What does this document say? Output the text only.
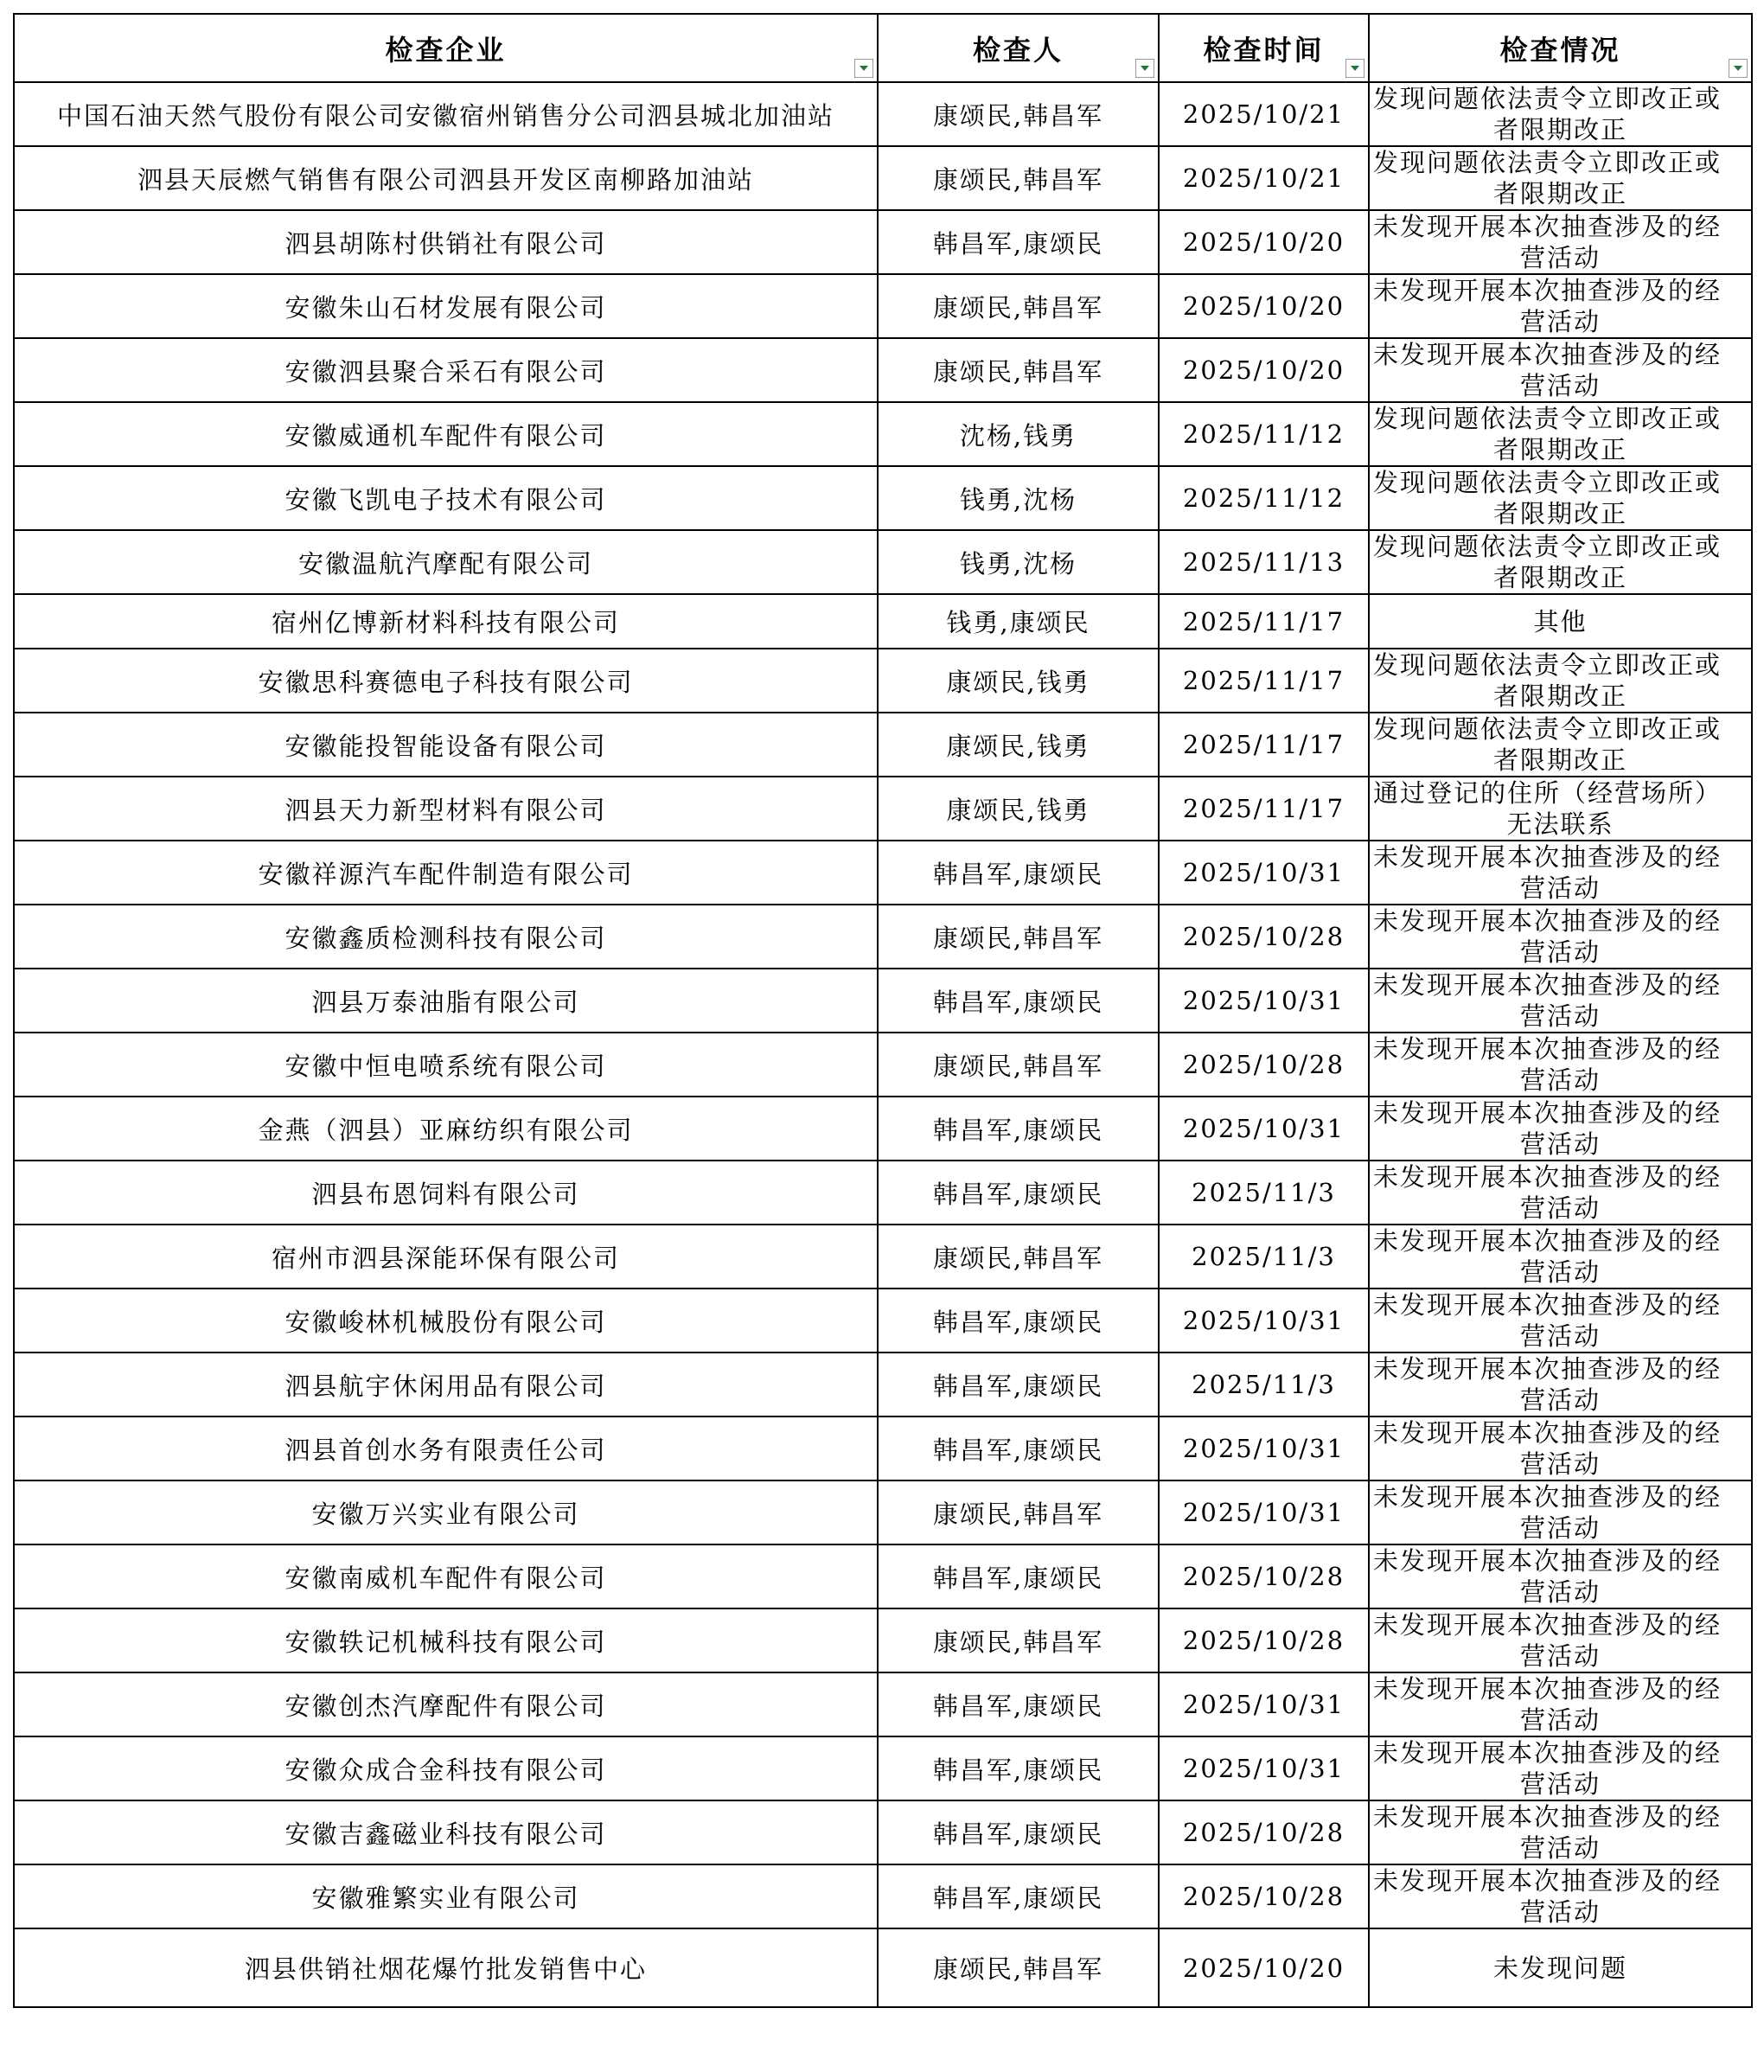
检查企业	检查人	检查时间	检查情况

中国石油天然气股份有限公司安徽宿州销售分公司泗县城北加油站	康颂民,韩昌军	2025/10/21	发现问题依法责令立即改正或
者限期改正

泗县天辰燃气销售有限公司泗县开发区南柳路加油站	康颂民,韩昌军	2025/10/21	发现问题依法责令立即改正或
者限期改正

泗县胡陈村供销社有限公司	韩昌军,康颂民	2025/10/20	未发现开展本次抽查涉及的经
营活动

安徽朱山石材发展有限公司	康颂民,韩昌军	2025/10/20	未发现开展本次抽查涉及的经
营活动

安徽泗县聚合采石有限公司	康颂民,韩昌军	2025/10/20	未发现开展本次抽查涉及的经
营活动

安徽威通机车配件有限公司	沈杨,钱勇	2025/11/12	发现问题依法责令立即改正或
者限期改正

安徽飞凯电子技术有限公司	钱勇,沈杨	2025/11/12	发现问题依法责令立即改正或
者限期改正

安徽温航汽摩配有限公司	钱勇,沈杨	2025/11/13	发现问题依法责令立即改正或
者限期改正

宿州亿博新材料科技有限公司	钱勇,康颂民	2025/11/17	其他
安徽思科赛德电子科技有限公司	康颂民,钱勇	2025/11/17	发现问题依法责令立即改正或
者限期改正

安徽能投智能设备有限公司	康颂民,钱勇	2025/11/17	发现问题依法责令立即改正或
者限期改正

泗县天力新型材料有限公司	康颂民,钱勇	2025/11/17	通过登记的住所（经营场所）
无法联系

安徽祥源汽车配件制造有限公司	韩昌军,康颂民	2025/10/31	未发现开展本次抽查涉及的经
营活动

安徽鑫质检测科技有限公司	康颂民,韩昌军	2025/10/28	未发现开展本次抽查涉及的经
营活动

泗县万泰油脂有限公司	韩昌军,康颂民	2025/10/31	未发现开展本次抽查涉及的经
营活动

安徽中恒电喷系统有限公司	康颂民,韩昌军	2025/10/28	未发现开展本次抽查涉及的经
营活动

金燕（泗县）亚麻纺织有限公司	韩昌军,康颂民	2025/10/31	未发现开展本次抽查涉及的经
营活动

泗县布恩饲料有限公司	韩昌军,康颂民	2025/11/3	未发现开展本次抽查涉及的经
营活动

宿州市泗县深能环保有限公司	康颂民,韩昌军	2025/11/3	未发现开展本次抽查涉及的经
营活动

安徽峻林机械股份有限公司	韩昌军,康颂民	2025/10/31	未发现开展本次抽查涉及的经
营活动

泗县航宇休闲用品有限公司	韩昌军,康颂民	2025/11/3	未发现开展本次抽查涉及的经
营活动

泗县首创水务有限责任公司	韩昌军,康颂民	2025/10/31	未发现开展本次抽查涉及的经
营活动

安徽万兴实业有限公司	康颂民,韩昌军	2025/10/31	未发现开展本次抽查涉及的经
营活动

安徽南威机车配件有限公司	韩昌军,康颂民	2025/10/28	未发现开展本次抽查涉及的经
营活动

安徽轶记机械科技有限公司	康颂民,韩昌军	2025/10/28	未发现开展本次抽查涉及的经
营活动

安徽创杰汽摩配件有限公司	韩昌军,康颂民	2025/10/31	未发现开展本次抽查涉及的经
营活动

安徽众成合金科技有限公司	韩昌军,康颂民	2025/10/31	未发现开展本次抽查涉及的经
营活动

安徽吉鑫磁业科技有限公司	韩昌军,康颂民	2025/10/28	未发现开展本次抽查涉及的经
营活动

安徽雅繁实业有限公司	韩昌军,康颂民	2025/10/28	未发现开展本次抽查涉及的经
营活动

泗县供销社烟花爆竹批发销售中心	康颂民,韩昌军	2025/10/20	未发现问题
